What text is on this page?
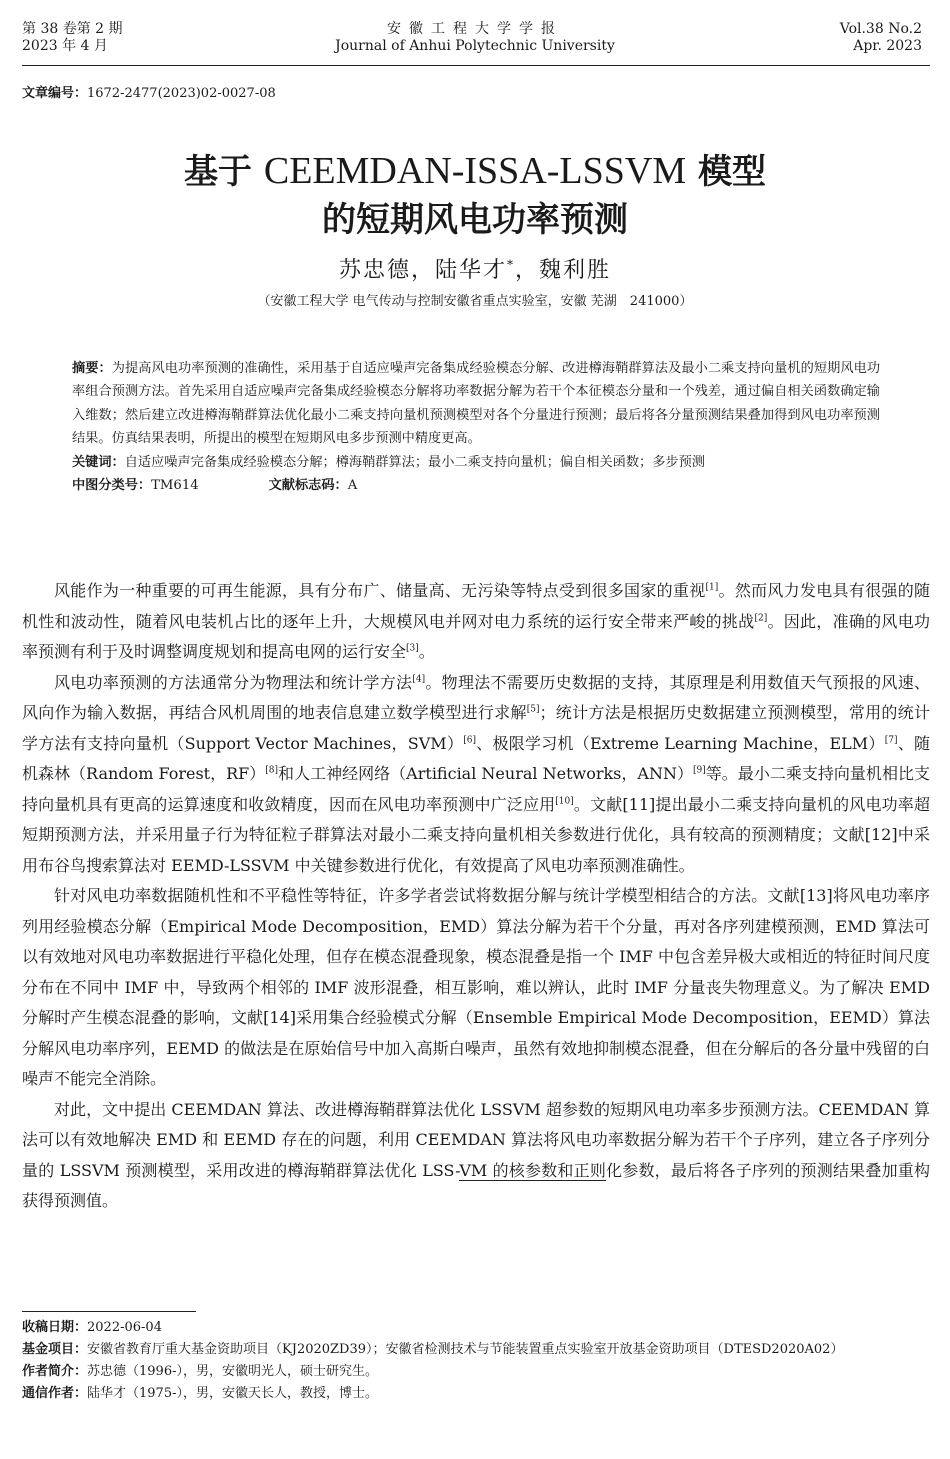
第 38 卷第 2 期
2023 年 4 月
安徽工程大学学报
Journal of Anhui Polytechnic University
Vol.38 No.2
Apr. 2023
文章编号：1672-2477(2023)02-0027-08
基于 CEEMDAN-ISSA-LSSVM 模型
的短期风电功率预测
苏忠德，陆华才*，魏利胜
（安徽工程大学 电气传动与控制安徽省重点实验室，安徽 芜湖　241000）

摘要：为提高风电功率预测的准确性，采用基于自适应噪声完备集成经验模态分解、改进樽海鞘群算法及最小二乘支持向量机的短期风电功率组合预测方法。首先采用自适应噪声完备集成经验模态分解将功率数据分解为若干个本征模态分量和一个残差，通过偏自相关函数确定输入维数；然后建立改进樽海鞘群算法优化最小二乘支持向量机预测模型对各个分量进行预测；最后将各分量预测结果叠加得到风电功率预测结果。仿真结果表明，所提出的模型在短期风电多步预测中精度更高。

关键词：自适应噪声完备集成经验模态分解；樽海鞘群算法；最小二乘支持向量机；偏自相关函数；多步预测

中图分类号：TM614	文献标志码：A

风能作为一种重要的可再生能源，具有分布广、储量高、无污染等特点受到很多国家的重视[1]。然而风力发电具有很强的随机性和波动性，随着风电装机占比的逐年上升，大规模风电并网对电力系统的运行安全带来严峻的挑战[2]。因此，准确的风电功率预测有利于及时调整调度规划和提高电网的运行安全[3]。

风电功率预测的方法通常分为物理法和统计学方法[4]。物理法不需要历史数据的支持，其原理是利用数值天气预报的风速、风向作为输入数据，再结合风机周围的地表信息建立数学模型进行求解[5]；统计方法是根据历史数据建立预测模型，常用的统计学方法有支持向量机（Support Vector Machines，SVM）[6]、极限学习机（Extreme Learning Machine，ELM）[7]、随机森林（Random Forest，RF）[8]和人工神经网络（Artificial Neural Networks，ANN）[9]等。最小二乘支持向量机相比支持向量机具有更高的运算速度和收敛精度，因而在风电功率预测中广泛应用[10]。文献[11]提出最小二乘支持向量机的风电功率超短期预测方法，并采用量子行为特征粒子群算法对最小二乘支持向量机相关参数进行优化，具有较高的预测精度；文献[12]中采用布谷鸟搜索算法对 EEMD-LSSVM 中关键参数进行优化，有效提高了风电功率预测准确性。

针对风电功率数据随机性和不平稳性等特征，许多学者尝试将数据分解与统计学模型相结合的方法。文献[13]将风电功率序列用经验模态分解（Empirical Mode Decomposition，EMD）算法分解为若干个分量，再对各序列建模预测，EMD 算法可以有效地对风电功率数据进行平稳化处理，但存在模态混叠现象，模态混叠是指一个 IMF 中包含差异极大或相近的特征时间尺度分布在不同中 IMF 中，导致两个相邻的 IMF 波形混叠，相互影响，难以辨认，此时 IMF 分量丧失物理意义。为了解决 EMD 分解时产生模态混叠的影响，文献[14]采用集合经验模式分解（Ensemble Empirical Mode Decomposition，EEMD）算法分解风电功率序列，EEMD 的做法是在原始信号中加入高斯白噪声，虽然有效地抑制模态混叠，但在分解后的各分量中残留的白噪声不能完全消除。

对此，文中提出 CEEMDAN 算法、改进樽海鞘群算法优化 LSSVM 超参数的短期风电功率多步预测方法。CEEMDAN 算法可以有效地解决 EMD 和 EEMD 存在的问题，利用 CEEMDAN 算法将风电功率数据分解为若干个子序列，建立各子序列分量的 LSSVM 预测模型，采用改进的樽海鞘群算法优化 LSS-VM 的核参数和正则化参数，最后将各子序列的预测结果叠加重构获得预测值。

收稿日期： 2022-06-04
基金项目： 安徽省教育厅重大基金资助项目（KJ2020ZD39）；安徽省检测技术与节能装置重点实验室开放基金资助项目（DTESD2020A02）
作者简介： 苏忠德（1996-），男，安徽明光人，硕士研究生。
通信作者： 陆华才（1975-），男，安徽天长人，教授，博士。
